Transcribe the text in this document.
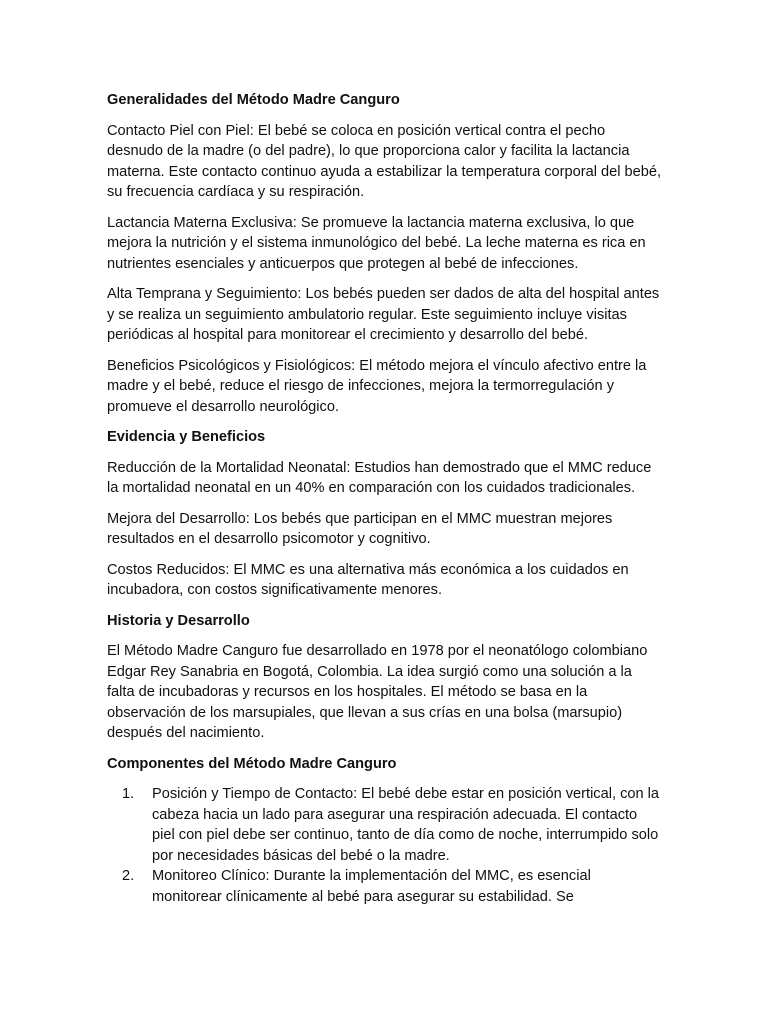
Generalidades del Método Madre Canguro

Contacto Piel con Piel: El bebé se coloca en posición vertical contra el pecho desnudo de la madre (o del padre), lo que proporciona calor y facilita la lactancia materna. Este contacto continuo ayuda a estabilizar la temperatura corporal del bebé, su frecuencia cardíaca y su respiración.

Lactancia Materna Exclusiva: Se promueve la lactancia materna exclusiva, lo que mejora la nutrición y el sistema inmunológico del bebé. La leche materna es rica en nutrientes esenciales y anticuerpos que protegen al bebé de infecciones.

Alta Temprana y Seguimiento: Los bebés pueden ser dados de alta del hospital antes y se realiza un seguimiento ambulatorio regular. Este seguimiento incluye visitas periódicas al hospital para monitorear el crecimiento y desarrollo del bebé.

Beneficios Psicológicos y Fisiológicos: El método mejora el vínculo afectivo entre la madre y el bebé, reduce el riesgo de infecciones, mejora la termorregulación y promueve el desarrollo neurológico.

Evidencia y Beneficios

Reducción de la Mortalidad Neonatal: Estudios han demostrado que el MMC reduce la mortalidad neonatal en un 40% en comparación con los cuidados tradicionales.

Mejora del Desarrollo: Los bebés que participan en el MMC muestran mejores resultados en el desarrollo psicomotor y cognitivo.

Costos Reducidos: El MMC es una alternativa más económica a los cuidados en incubadora, con costos significativamente menores.

Historia y Desarrollo

El Método Madre Canguro fue desarrollado en 1978 por el neonatólogo colombiano Edgar Rey Sanabria en Bogotá, Colombia. La idea surgió como una solución a la falta de incubadoras y recursos en los hospitales. El método se basa en la observación de los marsupiales, que llevan a sus crías en una bolsa (marsupio) después del nacimiento.

Componentes del Método Madre Canguro

1.	Posición y Tiempo de Contacto: El bebé debe estar en posición vertical, con la cabeza hacia un lado para asegurar una respiración adecuada. El contacto piel con piel debe ser continuo, tanto de día como de noche, interrumpido solo por necesidades básicas del bebé o la madre.
2.	Monitoreo Clínico: Durante la implementación del MMC, es esencial monitorear clínicamente al bebé para asegurar su estabilidad. Se
